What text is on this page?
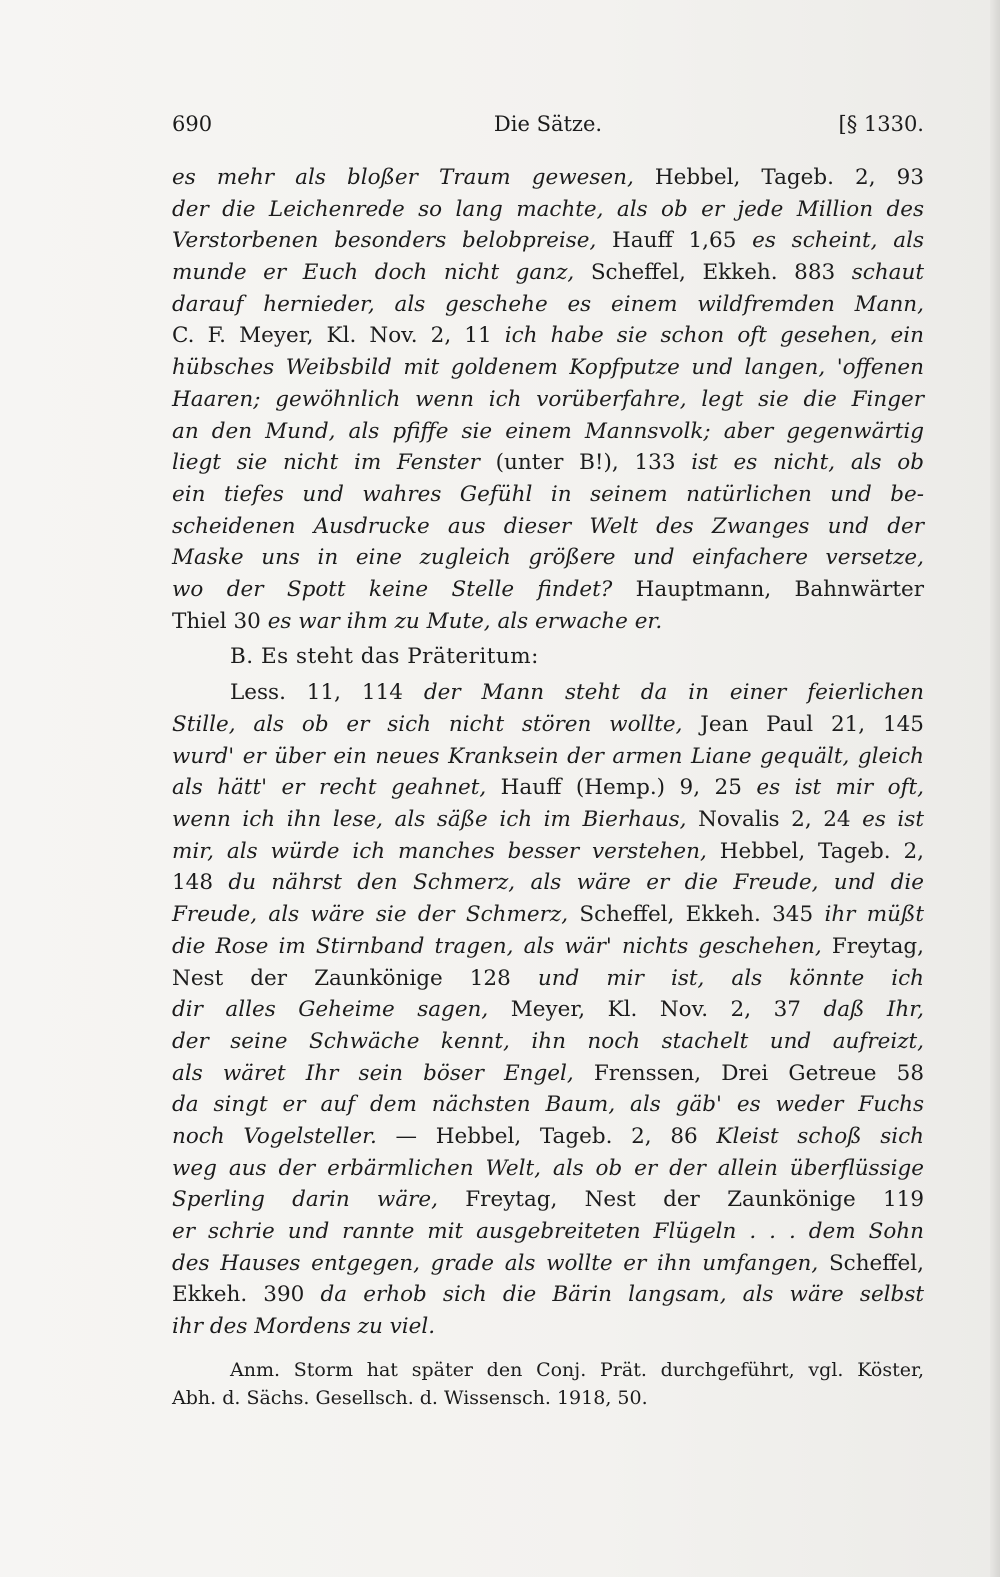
690	Die Sätze.	[§ 1330.
es mehr als bloßer Traum gewesen, Hebbel, Tageb. 2, 93
der die Leichenrede so lang machte, als ob er jede Million des
Verstorbenen besonders belobpreise, Hauff 1,65 es scheint, als
munde er Euch doch nicht ganz, Scheffel, Ekkeh. 883 schaut
darauf hernieder, als geschehe es einem wildfremden Mann,
C. F. Meyer, Kl. Nov. 2, 11 ich habe sie schon oft gesehen, ein
hübsches Weibsbild mit goldenem Kopfputze und langen, 'offenen
Haaren; gewöhnlich wenn ich vorüberfahre, legt sie die Finger
an den Mund, als pfiffe sie einem Mannsvolk; aber gegenwärtig
liegt sie nicht im Fenster (unter B!), 133 ist es nicht, als ob
ein tiefes und wahres Gefühl in seinem natürlichen und be-
scheidenen Ausdrucke aus dieser Welt des Zwanges und der
Maske uns in eine zugleich größere und einfachere versetze,
wo der Spott keine Stelle findet? Hauptmann, Bahnwärter
Thiel 30 es war ihm zu Mute, als erwache er.
B. Es steht das Präteritum:
Less. 11, 114 der Mann steht da in einer feierlichen
Stille, als ob er sich nicht stören wollte, Jean Paul 21, 145
wurd' er über ein neues Kranksein der armen Liane gequält, gleich
als hätt' er recht geahnet, Hauff (Hemp.) 9, 25 es ist mir oft,
wenn ich ihn lese, als säße ich im Bierhaus, Novalis 2, 24 es ist
mir, als würde ich manches besser verstehen, Hebbel, Tageb. 2,
148 du nährst den Schmerz, als wäre er die Freude, und die
Freude, als wäre sie der Schmerz, Scheffel, Ekkeh. 345 ihr müßt
die Rose im Stirnband tragen, als wär' nichts geschehen, Freytag,
Nest der Zaunkönige 128 und mir ist, als könnte ich
dir alles Geheime sagen, Meyer, Kl. Nov. 2, 37 daß Ihr,
der seine Schwäche kennt, ihn noch stachelt und aufreizt,
als wäret Ihr sein böser Engel, Frenssen, Drei Getreue 58
da singt er auf dem nächsten Baum, als gäb' es weder Fuchs
noch Vogelsteller. — Hebbel, Tageb. 2, 86 Kleist schoß sich
weg aus der erbärmlichen Welt, als ob er der allein überflüssige
Sperling darin wäre, Freytag, Nest der Zaunkönige 119
er schrie und rannte mit ausgebreiteten Flügeln . . . dem Sohn
des Hauses entgegen, grade als wollte er ihn umfangen, Scheffel,
Ekkeh. 390 da erhob sich die Bärin langsam, als wäre selbst
ihr des Mordens zu viel.
Anm. Storm hat später den Conj. Prät. durchgeführt, vgl. Köster,
Abh. d. Sächs. Gesellsch. d. Wissensch. 1918, 50.
